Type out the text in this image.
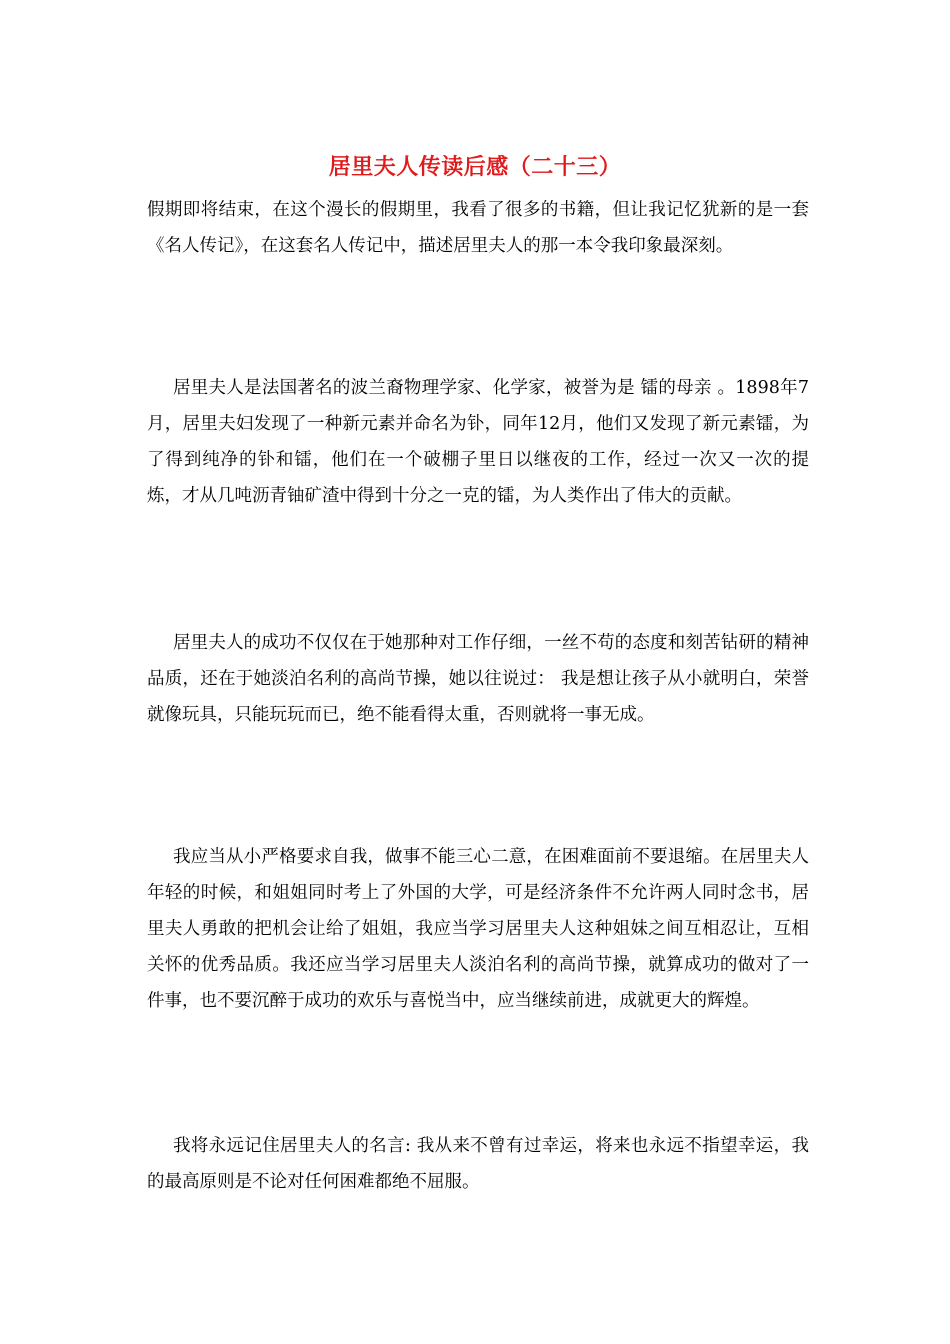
居里夫人传读后感（二十三）

假期即将结束，在这个漫长的假期里，我看了很多的书籍，但让我记忆犹新的是一套《名人传记》，在这套名人传记中，描述居里夫人的那一本令我印象最深刻。

居里夫人是法国著名的波兰裔物理学家、化学家，被誉为是 镭的母亲 。1898年7月，居里夫妇发现了一种新元素并命名为钋，同年12月，他们又发现了新元素镭，为了得到纯净的钋和镭，他们在一个破棚子里日以继夜的工作，经过一次又一次的提炼，才从几吨沥青铀矿渣中得到十分之一克的镭，为人类作出了伟大的贡献。

居里夫人的成功不仅仅在于她那种对工作仔细，一丝不苟的态度和刻苦钻研的精神品质，还在于她淡泊名利的高尚节操，她以往说过： 我是想让孩子从小就明白，荣誉就像玩具，只能玩玩而已，绝不能看得太重，否则就将一事无成。

我应当从小严格要求自我，做事不能三心二意，在困难面前不要退缩。在居里夫人年轻的时候，和姐姐同时考上了外国的大学，可是经济条件不允许两人同时念书，居里夫人勇敢的把机会让给了姐姐，我应当学习居里夫人这种姐妹之间互相忍让，互相关怀的优秀品质。我还应当学习居里夫人淡泊名利的高尚节操，就算成功的做对了一件事，也不要沉醉于成功的欢乐与喜悦当中，应当继续前进，成就更大的辉煌。

我将永远记住居里夫人的名言: 我从来不曾有过幸运，将来也永远不指望幸运，我的最高原则是不论对任何困难都绝不屈服。
